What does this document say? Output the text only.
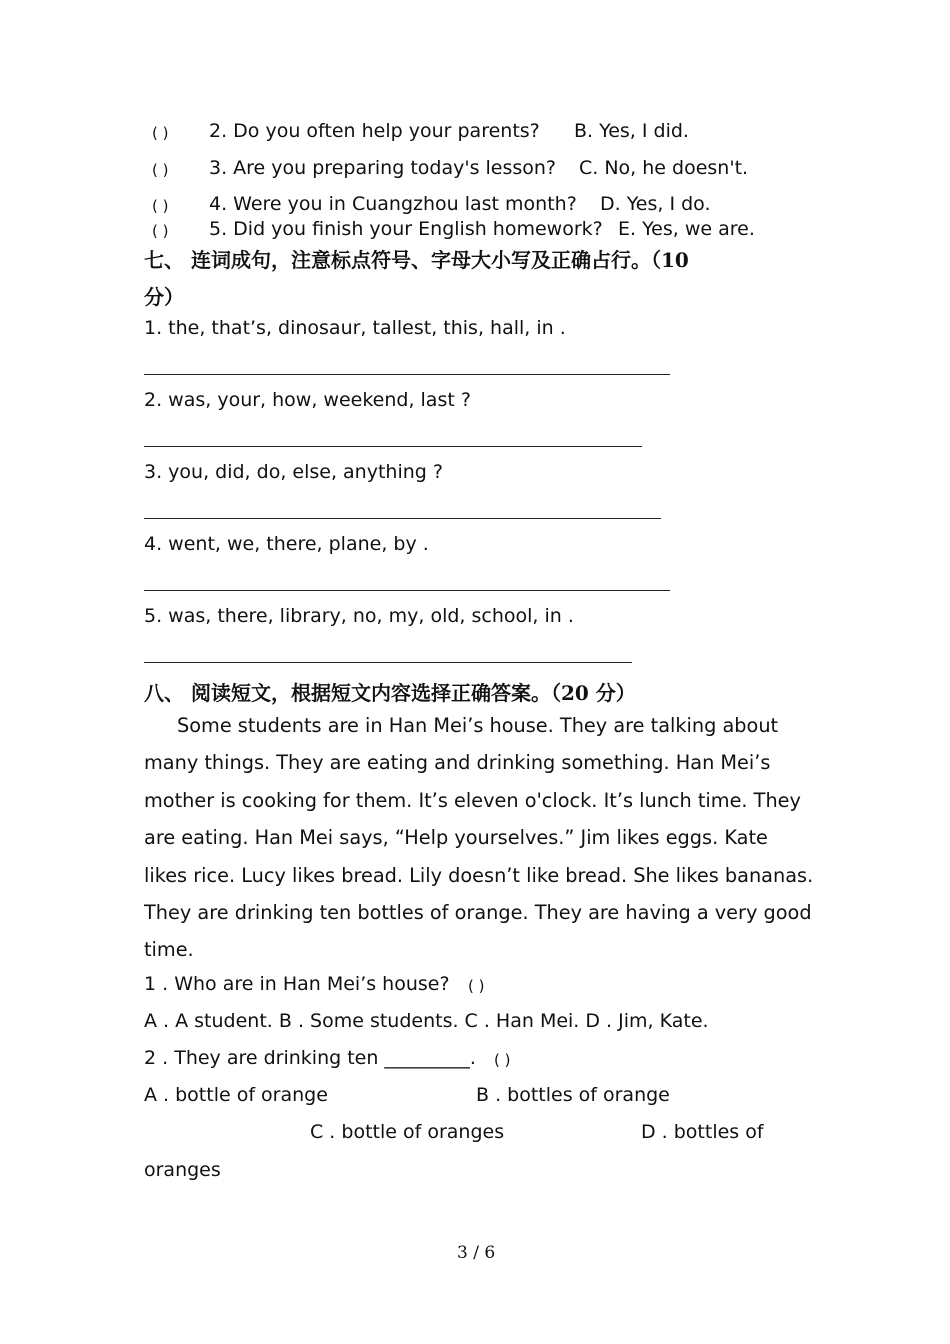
( ) 2. Do you often help your parents? B. Yes, I did.
( ) 3. Are you preparing today's lesson? C. No, he doesn't.
( ) 4. Were you in Cuangzhou last month? D. Yes, I do.
( ) 5. Did you finish your English homework? E. Yes, we are.
七、 连词成句，注意标点符号、字母大小写及正确占行。（10
分）
1. the, that’s, dinosaur, tallest, this, hall, in .
2. was, your, how, weekend, last ?
3. you, did, do, else, anything ?
4. went, we, there, plane, by .
5. was, there, library, no, my, old, school, in .
八、 阅读短文，根据短文内容选择正确答案。（20 分）
Some students are in Han Mei’s house. They are talking about many things. They are eating and drinking something. Han Mei’s mother is cooking for them. It’s eleven o'clock. It’s lunch time. They are eating. Han Mei says, “Help yourselves.” Jim likes eggs. Kate likes rice. Lucy likes bread. Lily doesn’t like bread. She likes bananas. They are drinking ten bottles of orange. They are having a very good time.
1 . Who are in Han Mei’s house? ( )
A . A student. B . Some students. C . Han Mei. D . Jim, Kate.
2 . They are drinking ten _________. ( )
A . bottle of orange	B . bottles of orange
C . bottle of oranges	D . bottles of
oranges
3 / 6
